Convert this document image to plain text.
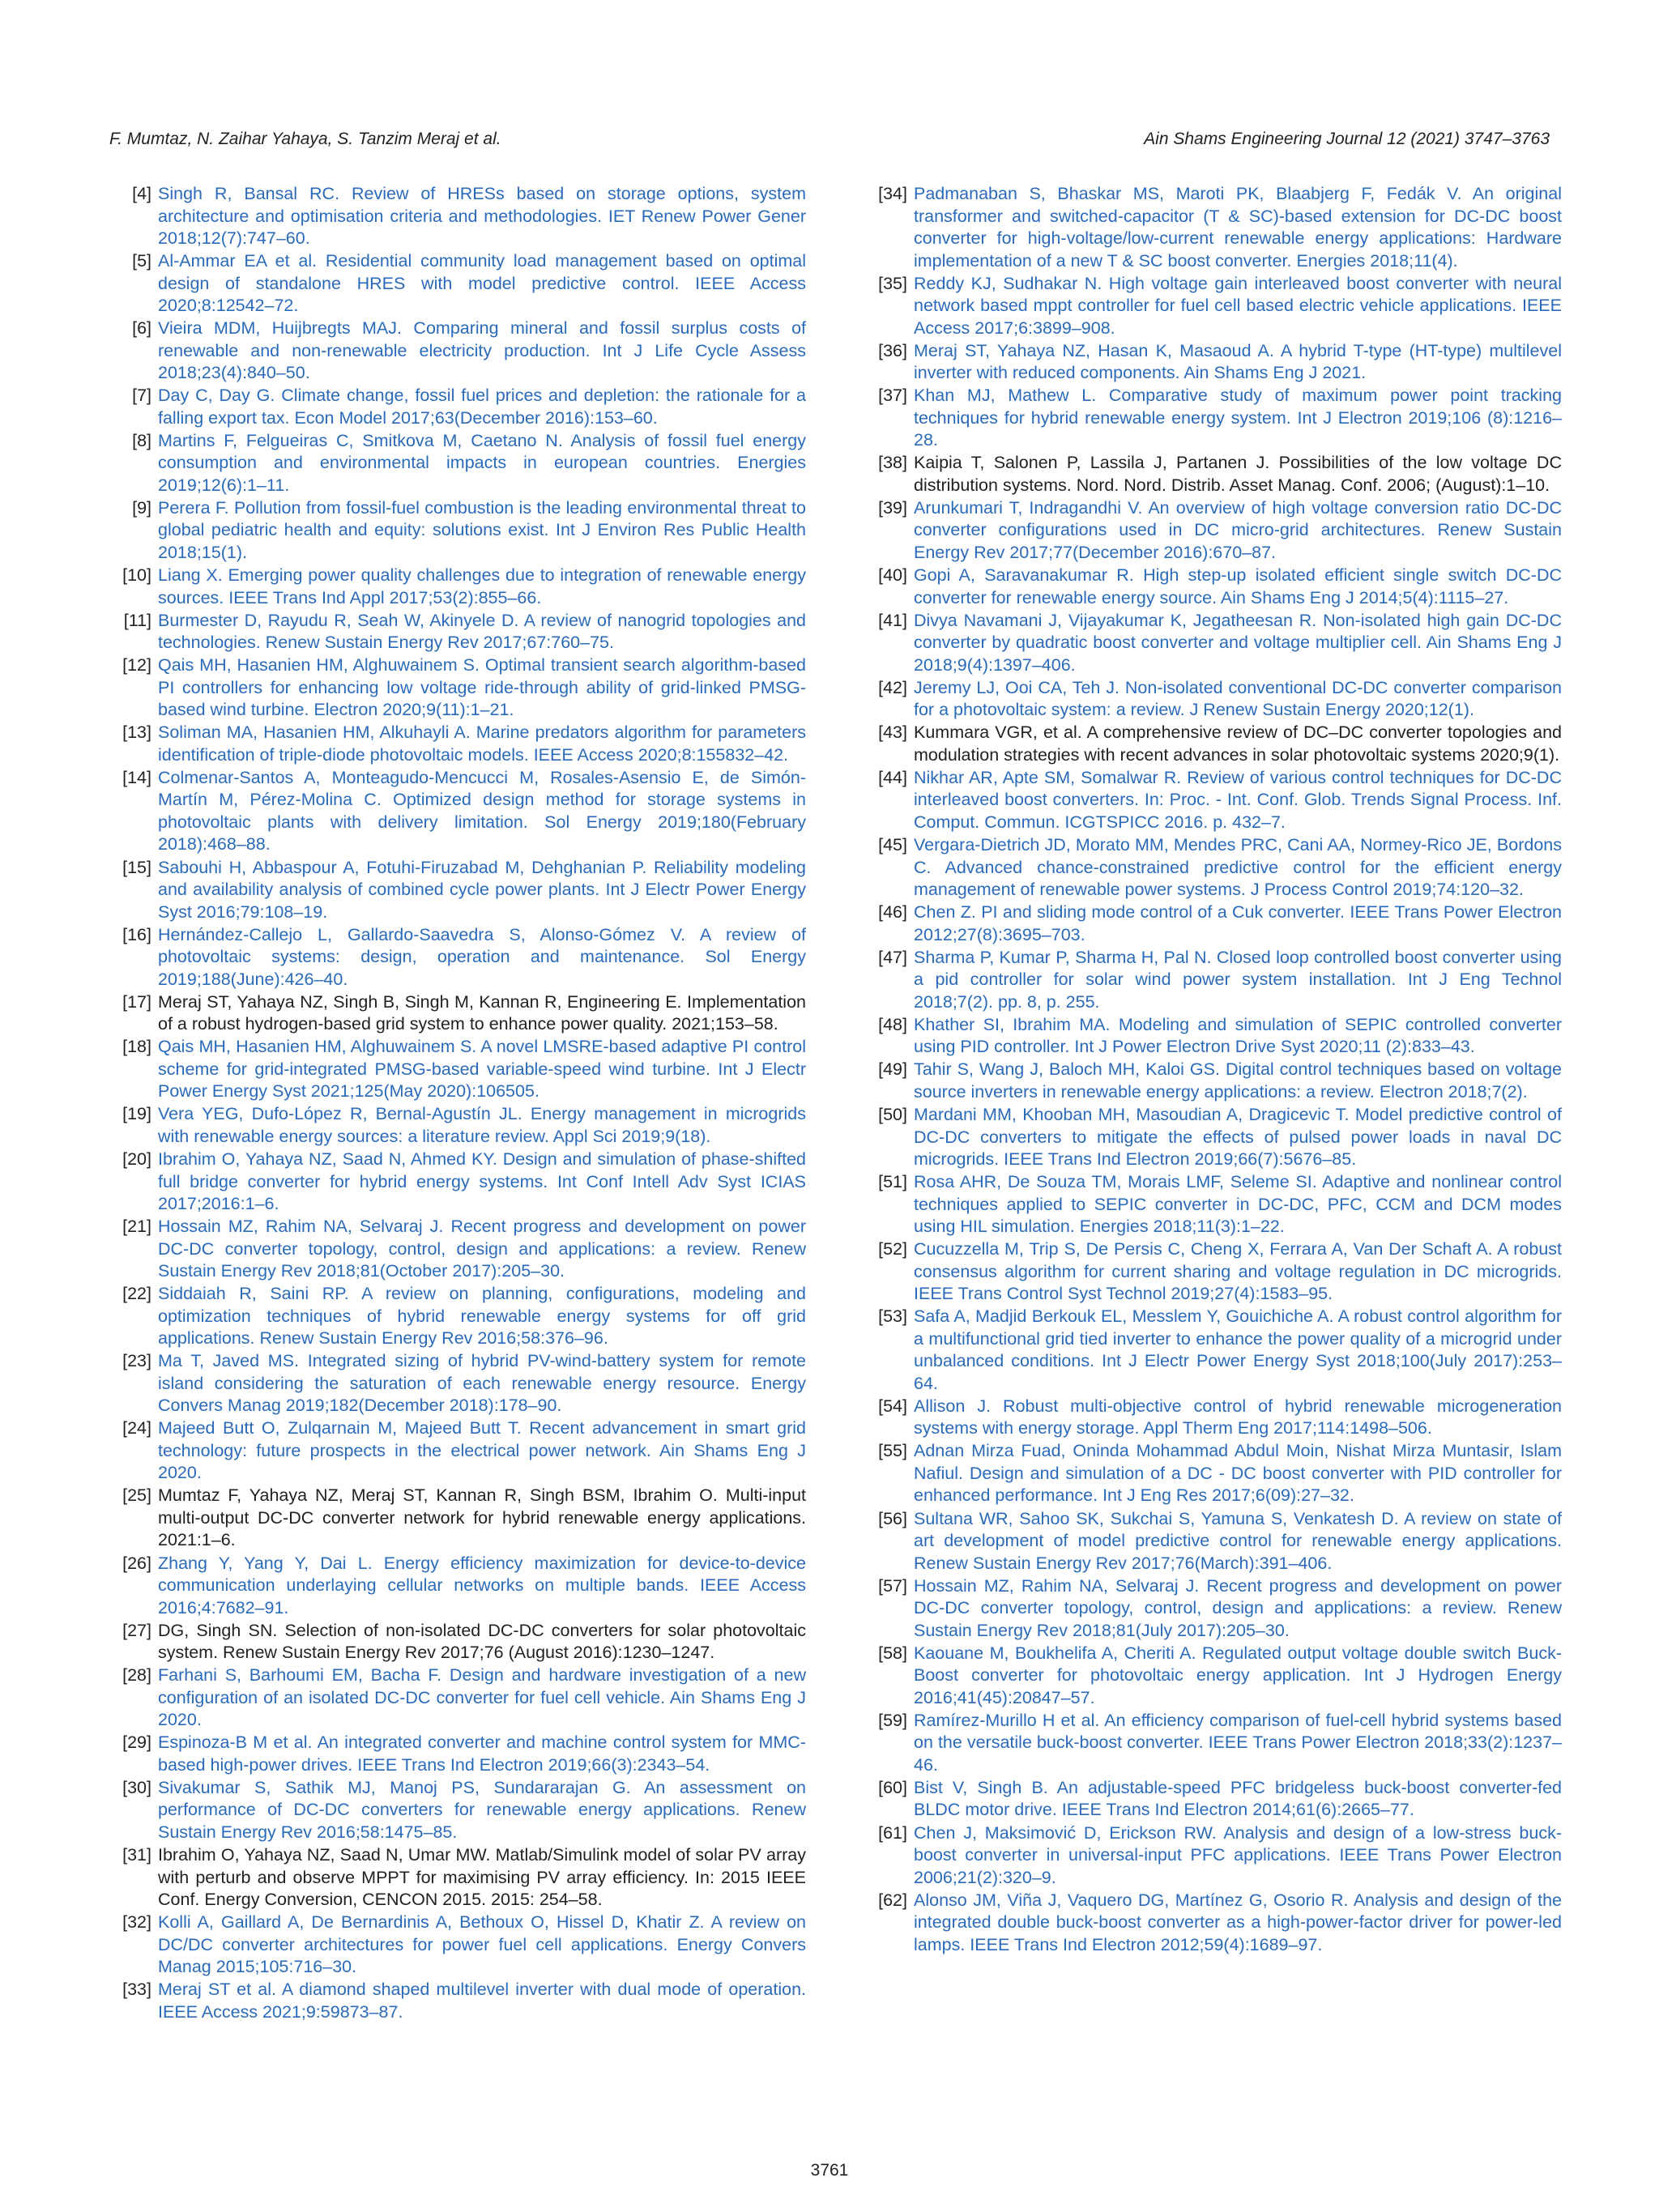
F. Mumtaz, N. Zaihar Yahaya, S. Tanzim Meraj et al.	Ain Shams Engineering Journal 12 (2021) 3747–3763
[4] Singh R, Bansal RC. Review of HRESs based on storage options, system architecture and optimisation criteria and methodologies. IET Renew Power Gener 2018;12(7):747–60.
[5] Al-Ammar EA et al. Residential community load management based on optimal design of standalone HRES with model predictive control. IEEE Access 2020;8:12542–72.
[6] Vieira MDM, Huijbregts MAJ. Comparing mineral and fossil surplus costs of renewable and non-renewable electricity production. Int J Life Cycle Assess 2018;23(4):840–50.
[7] Day C, Day G. Climate change, fossil fuel prices and depletion: the rationale for a falling export tax. Econ Model 2017;63(December 2016):153–60.
[8] Martins F, Felgueiras C, Smitkova M, Caetano N. Analysis of fossil fuel energy consumption and environmental impacts in european countries. Energies 2019;12(6):1–11.
[9] Perera F. Pollution from fossil-fuel combustion is the leading environmental threat to global pediatric health and equity: solutions exist. Int J Environ Res Public Health 2018;15(1).
[10] Liang X. Emerging power quality challenges due to integration of renewable energy sources. IEEE Trans Ind Appl 2017;53(2):855–66.
[11] Burmester D, Rayudu R, Seah W, Akinyele D. A review of nanogrid topologies and technologies. Renew Sustain Energy Rev 2017;67:760–75.
[12] Qais MH, Hasanien HM, Alghuwainem S. Optimal transient search algorithm-based PI controllers for enhancing low voltage ride-through ability of grid-linked PMSG-based wind turbine. Electron 2020;9(11):1–21.
[13] Soliman MA, Hasanien HM, Alkuhayli A. Marine predators algorithm for parameters identification of triple-diode photovoltaic models. IEEE Access 2020;8:155832–42.
[14] Colmenar-Santos A, Monteagudo-Mencucci M, Rosales-Asensio E, de Simón-Martín M, Pérez-Molina C. Optimized design method for storage systems in photovoltaic plants with delivery limitation. Sol Energy 2019;180(February 2018):468–88.
[15] Sabouhi H, Abbaspour A, Fotuhi-Firuzabad M, Dehghanian P. Reliability modeling and availability analysis of combined cycle power plants. Int J Electr Power Energy Syst 2016;79:108–19.
[16] Hernández-Callejo L, Gallardo-Saavedra S, Alonso-Gómez V. A review of photovoltaic systems: design, operation and maintenance. Sol Energy 2019;188(June):426–40.
[17] Meraj ST, Yahaya NZ, Singh B, Singh M, Kannan R, Engineering E. Implementation of a robust hydrogen-based grid system to enhance power quality. 2021;153–58.
[18] Qais MH, Hasanien HM, Alghuwainem S. A novel LMSRE-based adaptive PI control scheme for grid-integrated PMSG-based variable-speed wind turbine. Int J Electr Power Energy Syst 2021;125(May 2020):106505.
[19] Vera YEG, Dufo-López R, Bernal-Agustín JL. Energy management in microgrids with renewable energy sources: a literature review. Appl Sci 2019;9(18).
[20] Ibrahim O, Yahaya NZ, Saad N, Ahmed KY. Design and simulation of phase-shifted full bridge converter for hybrid energy systems. Int Conf Intell Adv Syst ICIAS 2017;2016:1–6.
[21] Hossain MZ, Rahim NA, Selvaraj J. Recent progress and development on power DC-DC converter topology, control, design and applications: a review. Renew Sustain Energy Rev 2018;81(October 2017):205–30.
[22] Siddaiah R, Saini RP. A review on planning, configurations, modeling and optimization techniques of hybrid renewable energy systems for off grid applications. Renew Sustain Energy Rev 2016;58:376–96.
[23] Ma T, Javed MS. Integrated sizing of hybrid PV-wind-battery system for remote island considering the saturation of each renewable energy resource. Energy Convers Manag 2019;182(December 2018):178–90.
[24] Majeed Butt O, Zulqarnain M, Majeed Butt T. Recent advancement in smart grid technology: future prospects in the electrical power network. Ain Shams Eng J 2020.
[25] Mumtaz F, Yahaya NZ, Meraj ST, Kannan R, Singh BSM, Ibrahim O. Multi-input multi-output DC-DC converter network for hybrid renewable energy applications. 2021:1–6.
[26] Zhang Y, Yang Y, Dai L. Energy efficiency maximization for device-to-device communication underlaying cellular networks on multiple bands. IEEE Access 2016;4:7682–91.
[27] DG, Singh SN. Selection of non-isolated DC-DC converters for solar photovoltaic system. Renew Sustain Energy Rev 2017;76 (August 2016):1230–1247.
[28] Farhani S, Barhoumi EM, Bacha F. Design and hardware investigation of a new configuration of an isolated DC-DC converter for fuel cell vehicle. Ain Shams Eng J 2020.
[29] Espinoza-B M et al. An integrated converter and machine control system for MMC-based high-power drives. IEEE Trans Ind Electron 2019;66(3):2343–54.
[30] Sivakumar S, Sathik MJ, Manoj PS, Sundararajan G. An assessment on performance of DC-DC converters for renewable energy applications. Renew Sustain Energy Rev 2016;58:1475–85.
[31] Ibrahim O, Yahaya NZ, Saad N, Umar MW. Matlab/Simulink model of solar PV array with perturb and observe MPPT for maximising PV array efficiency. In: 2015 IEEE Conf. Energy Conversion, CENCON 2015. 2015: 254–58.
[32] Kolli A, Gaillard A, De Bernardinis A, Bethoux O, Hissel D, Khatir Z. A review on DC/DC converter architectures for power fuel cell applications. Energy Convers Manag 2015;105:716–30.
[33] Meraj ST et al. A diamond shaped multilevel inverter with dual mode of operation. IEEE Access 2021;9:59873–87.
[34] Padmanaban S, Bhaskar MS, Maroti PK, Blaabjerg F, Fedák V. An original transformer and switched-capacitor (T & SC)-based extension for DC-DC boost converter for high-voltage/low-current renewable energy applications: Hardware implementation of a new T & SC boost converter. Energies 2018;11(4).
[35] Reddy KJ, Sudhakar N. High voltage gain interleaved boost converter with neural network based mppt controller for fuel cell based electric vehicle applications. IEEE Access 2017;6:3899–908.
[36] Meraj ST, Yahaya NZ, Hasan K, Masaoud A. A hybrid T-type (HT-type) multilevel inverter with reduced components. Ain Shams Eng J 2021.
[37] Khan MJ, Mathew L. Comparative study of maximum power point tracking techniques for hybrid renewable energy system. Int J Electron 2019;106 (8):1216–28.
[38] Kaipia T, Salonen P, Lassila J, Partanen J. Possibilities of the low voltage DC distribution systems. Nord. Nord. Distrib. Asset Manag. Conf. 2006; (August):1–10.
[39] Arunkumari T, Indragandhi V. An overview of high voltage conversion ratio DC-DC converter configurations used in DC micro-grid architectures. Renew Sustain Energy Rev 2017;77(December 2016):670–87.
[40] Gopi A, Saravanakumar R. High step-up isolated efficient single switch DC-DC converter for renewable energy source. Ain Shams Eng J 2014;5(4):1115–27.
[41] Divya Navamani J, Vijayakumar K, Jegatheesan R. Non-isolated high gain DC-DC converter by quadratic boost converter and voltage multiplier cell. Ain Shams Eng J 2018;9(4):1397–406.
[42] Jeremy LJ, Ooi CA, Teh J. Non-isolated conventional DC-DC converter comparison for a photovoltaic system: a review. J Renew Sustain Energy 2020;12(1).
[43] Kummara VGR, et al. A comprehensive review of DC–DC converter topologies and modulation strategies with recent advances in solar photovoltaic systems 2020;9(1).
[44] Nikhar AR, Apte SM, Somalwar R. Review of various control techniques for DC-DC interleaved boost converters. In: Proc. - Int. Conf. Glob. Trends Signal Process. Inf. Comput. Commun. ICGTSPICC 2016. p. 432–7.
[45] Vergara-Dietrich JD, Morato MM, Mendes PRC, Cani AA, Normey-Rico JE, Bordons C. Advanced chance-constrained predictive control for the efficient energy management of renewable power systems. J Process Control 2019;74:120–32.
[46] Chen Z. PI and sliding mode control of a Cuk converter. IEEE Trans Power Electron 2012;27(8):3695–703.
[47] Sharma P, Kumar P, Sharma H, Pal N. Closed loop controlled boost converter using a pid controller for solar wind power system installation. Int J Eng Technol 2018;7(2). pp. 8, p. 255.
[48] Khather SI, Ibrahim MA. Modeling and simulation of SEPIC controlled converter using PID controller. Int J Power Electron Drive Syst 2020;11 (2):833–43.
[49] Tahir S, Wang J, Baloch MH, Kaloi GS. Digital control techniques based on voltage source inverters in renewable energy applications: a review. Electron 2018;7(2).
[50] Mardani MM, Khooban MH, Masoudian A, Dragicevic T. Model predictive control of DC-DC converters to mitigate the effects of pulsed power loads in naval DC microgrids. IEEE Trans Ind Electron 2019;66(7):5676–85.
[51] Rosa AHR, De Souza TM, Morais LMF, Seleme SI. Adaptive and nonlinear control techniques applied to SEPIC converter in DC-DC, PFC, CCM and DCM modes using HIL simulation. Energies 2018;11(3):1–22.
[52] Cucuzzella M, Trip S, De Persis C, Cheng X, Ferrara A, Van Der Schaft A. A robust consensus algorithm for current sharing and voltage regulation in DC microgrids. IEEE Trans Control Syst Technol 2019;27(4):1583–95.
[53] Safa A, Madjid Berkouk EL, Messlem Y, Gouichiche A. A robust control algorithm for a multifunctional grid tied inverter to enhance the power quality of a microgrid under unbalanced conditions. Int J Electr Power Energy Syst 2018;100(July 2017):253–64.
[54] Allison J. Robust multi-objective control of hybrid renewable microgeneration systems with energy storage. Appl Therm Eng 2017;114:1498–506.
[55] Adnan Mirza Fuad, Oninda Mohammad Abdul Moin, Nishat Mirza Muntasir, Islam Nafiul. Design and simulation of a DC - DC boost converter with PID controller for enhanced performance. Int J Eng Res 2017;6(09):27–32.
[56] Sultana WR, Sahoo SK, Sukchai S, Yamuna S, Venkatesh D. A review on state of art development of model predictive control for renewable energy applications. Renew Sustain Energy Rev 2017;76(March):391–406.
[57] Hossain MZ, Rahim NA, Selvaraj J. Recent progress and development on power DC-DC converter topology, control, design and applications: a review. Renew Sustain Energy Rev 2018;81(July 2017):205–30.
[58] Kaouane M, Boukhelifa A, Cheriti A. Regulated output voltage double switch Buck-Boost converter for photovoltaic energy application. Int J Hydrogen Energy 2016;41(45):20847–57.
[59] Ramírez-Murillo H et al. An efficiency comparison of fuel-cell hybrid systems based on the versatile buck-boost converter. IEEE Trans Power Electron 2018;33(2):1237–46.
[60] Bist V, Singh B. An adjustable-speed PFC bridgeless buck-boost converter-fed BLDC motor drive. IEEE Trans Ind Electron 2014;61(6):2665–77.
[61] Chen J, Maksimović D, Erickson RW. Analysis and design of a low-stress buck-boost converter in universal-input PFC applications. IEEE Trans Power Electron 2006;21(2):320–9.
[62] Alonso JM, Viña J, Vaquero DG, Martínez G, Osorio R. Analysis and design of the integrated double buck-boost converter as a high-power-factor driver for power-led lamps. IEEE Trans Ind Electron 2012;59(4):1689–97.
3761
